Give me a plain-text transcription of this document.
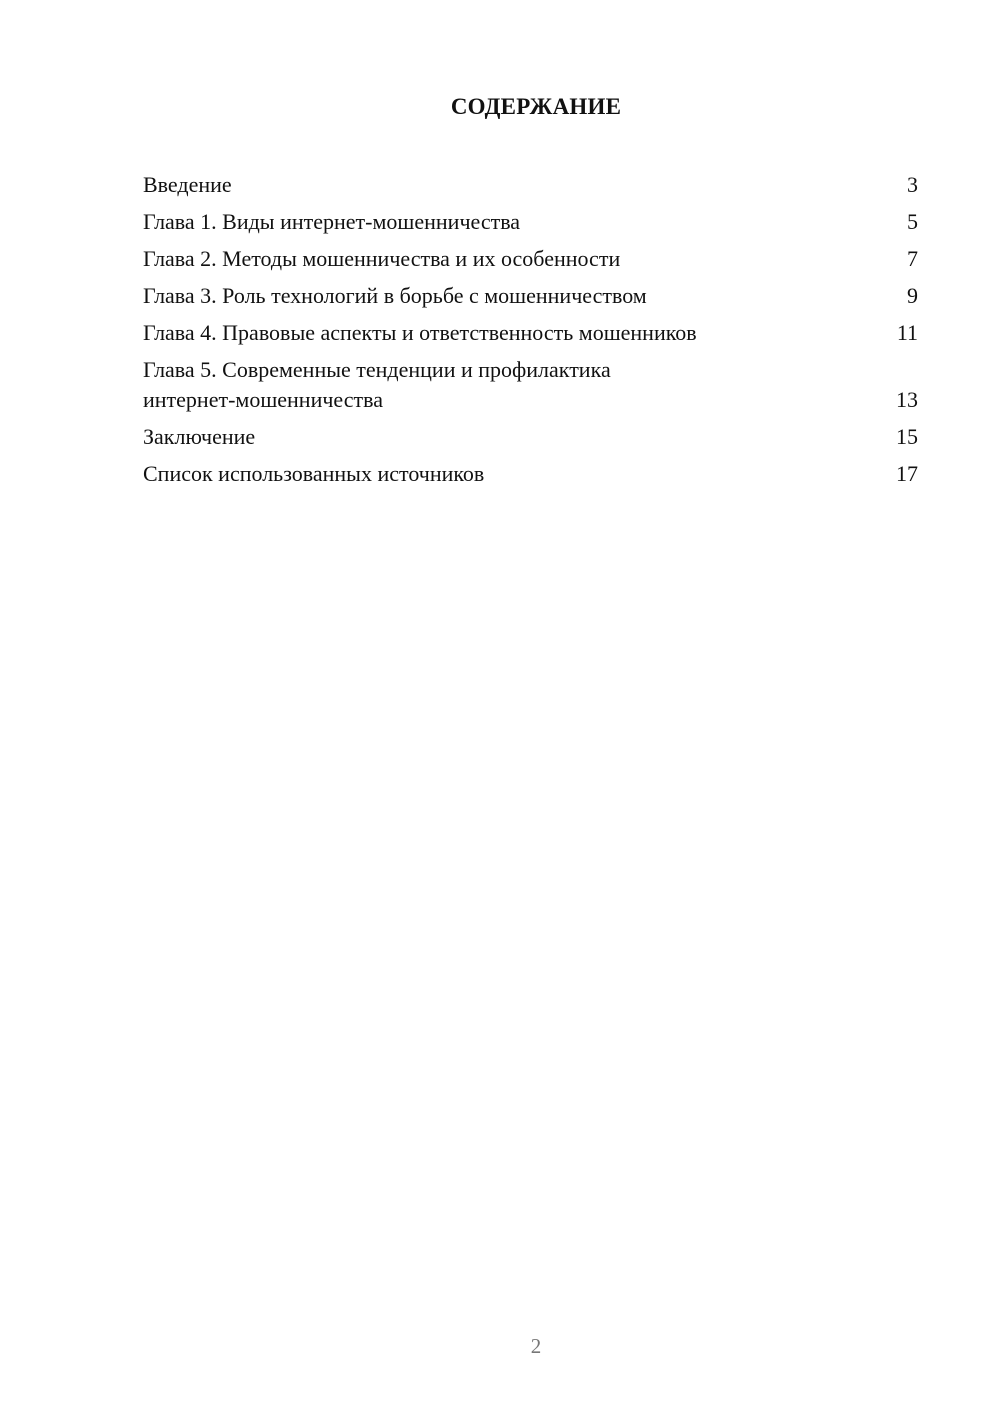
СОДЕРЖАНИЕ
Введение	3
Глава 1. Виды интернет-мошенничества	5
Глава 2. Методы мошенничества и их особенности	7
Глава 3. Роль технологий в борьбе с мошенничеством	9
Глава 4. Правовые аспекты и ответственность мошенников	11
Глава 5. Современные тенденции и профилактика интернет-мошенничества	13
Заключение	15
Список использованных источников	17
2
